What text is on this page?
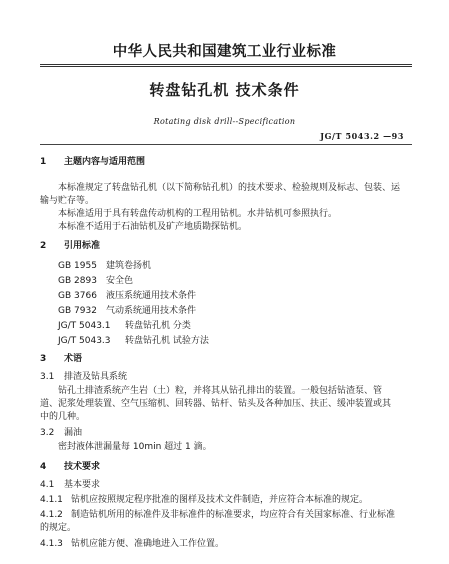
中华人民共和国建筑工业行业标准
转盘钻孔机 技术条件
Rotating disk drill--Specification
JG/T 5043.2 —93
1 主题内容与适用范围
本标准规定了转盘钻孔机（以下简称钻孔机）的技术要求、检验规则及标志、包装、运
输与贮存等。
本标准适用于具有转盘传动机构的工程用钻机。水井钻机可参照执行。
本标准不适用于石油钻机及矿产地质勘探钻机。
2 引用标准
GB 1955 建筑卷扬机
GB 2893 安全色
GB 3766 液压系统通用技术条件
GB 7932 气动系统通用技术条件
JG/T 5043.1 转盘钻孔机 分类
JG/T 5043.3 转盘钻孔机 试验方法
3 术语
3.1 排渣及钻具系统
钻孔土排渣系统产生岩（土）粒，并将其从钻孔排出的装置。一般包括钻渣泵、管
道、泥浆处理装置、空气压缩机、回转器、钻杆、钻头及各种加压、扶正、缓冲装置或其
中的几种。
3.2 漏油
密封液体泄漏量每 10min 超过 1 滴。
4 技术要求
4.1 基本要求
4.1.1 钻机应按照规定程序批准的图样及技术文件制造，并应符合本标准的规定。
4.1.2 制造钻机所用的标准件及非标准件的标准要求，均应符合有关国家标准、行业标准
的规定。
4.1.3 钻机应能方便、准确地进入工作位置。
